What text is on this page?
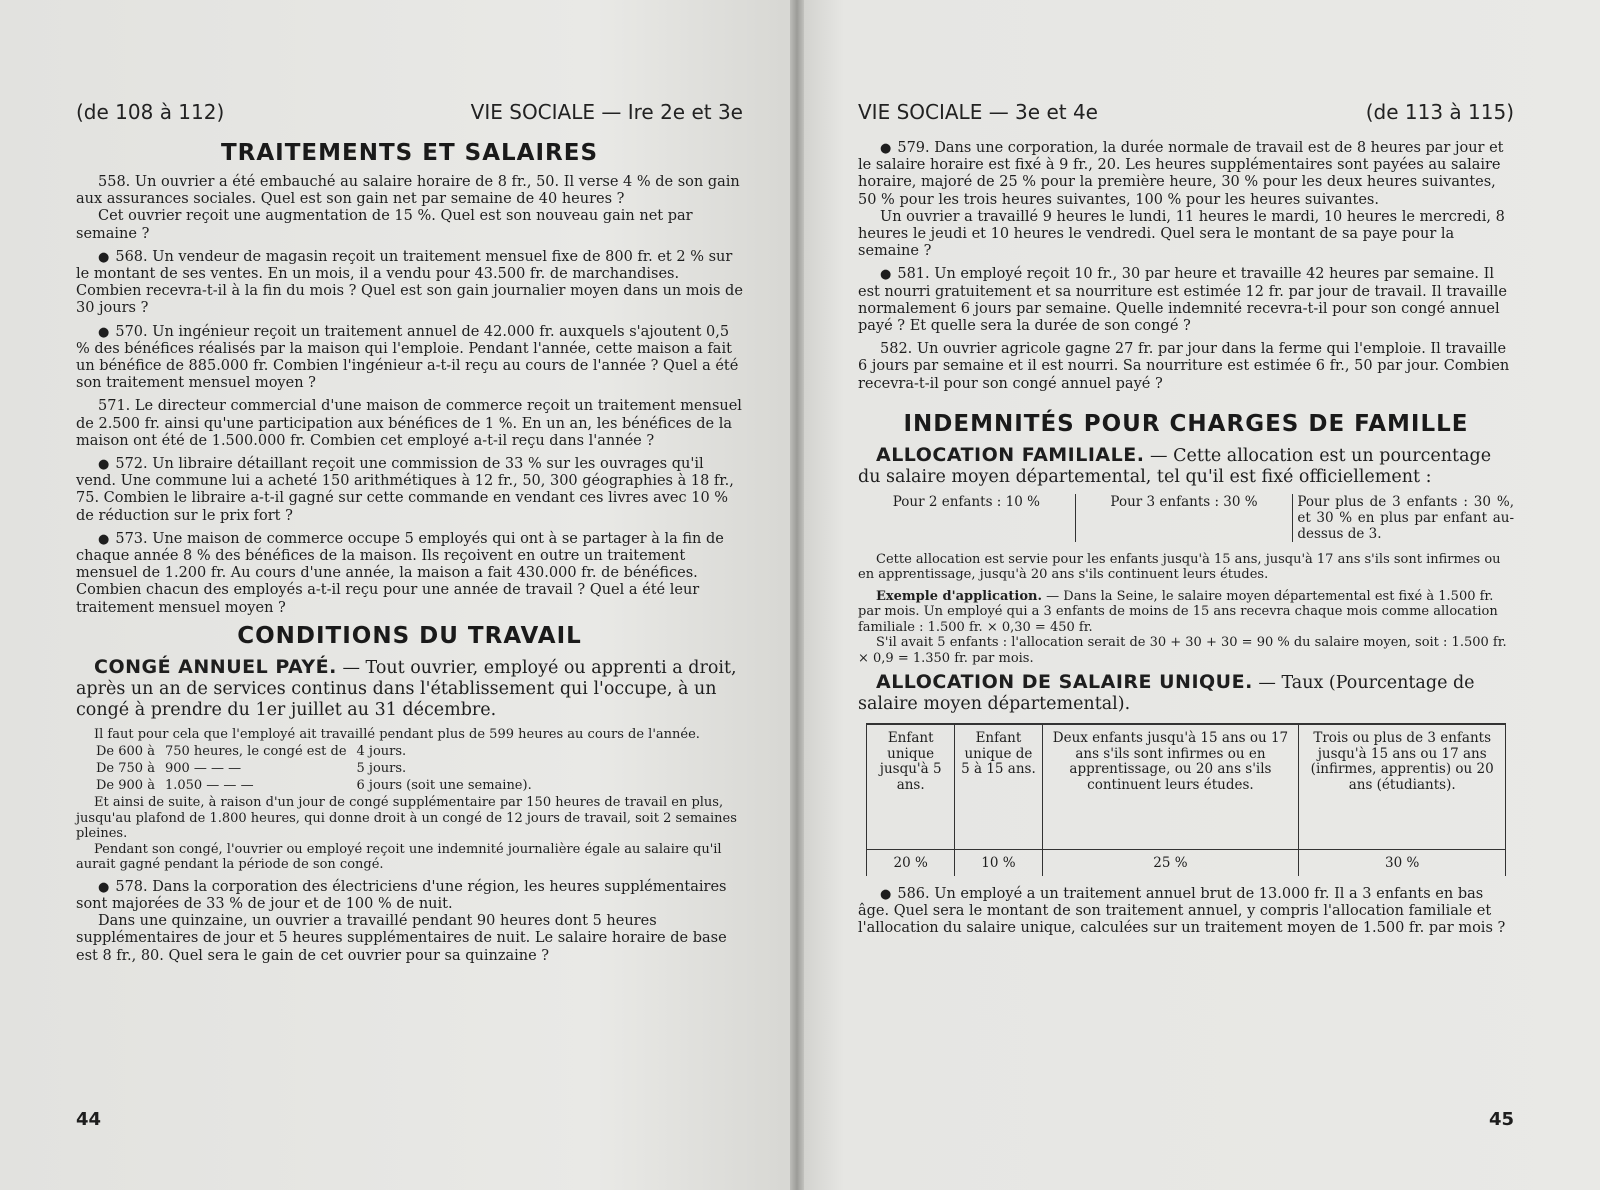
(de 108 à 112)	VIE SOCIALE — Ire 2e et 3e
TRAITEMENTS ET SALAIRES

558. Un ouvrier a été embauché au salaire horaire de 8 fr., 50. Il verse 4 % de son gain aux assurances sociales. Quel est son gain net par semaine de 40 heures ?

Cet ouvrier reçoit une augmentation de 15 %. Quel est son nouveau gain net par semaine ?

● 568. Un vendeur de magasin reçoit un traitement mensuel fixe de 800 fr. et 2 % sur le montant de ses ventes. En un mois, il a vendu pour 43.500 fr. de marchandises. Combien recevra-t-il à la fin du mois ? Quel est son gain journalier moyen dans un mois de 30 jours ?

● 570. Un ingénieur reçoit un traitement annuel de 42.000 fr. auxquels s'ajoutent 0,5 % des bénéfices réalisés par la maison qui l'emploie. Pendant l'année, cette maison a fait un bénéfice de 885.000 fr. Combien l'ingénieur a-t-il reçu au cours de l'année ? Quel a été son traitement mensuel moyen ?

571. Le directeur commercial d'une maison de commerce reçoit un traitement mensuel de 2.500 fr. ainsi qu'une participation aux bénéfices de 1 %. En un an, les bénéfices de la maison ont été de 1.500.000 fr. Combien cet employé a-t-il reçu dans l'année ?

● 572. Un libraire détaillant reçoit une commission de 33 % sur les ouvrages qu'il vend. Une commune lui a acheté 150 arithmétiques à 12 fr., 50, 300 géographies à 18 fr., 75. Combien le libraire a-t-il gagné sur cette commande en vendant ces livres avec 10 % de réduction sur le prix fort ?

● 573. Une maison de commerce occupe 5 employés qui ont à se partager à la fin de chaque année 8 % des bénéfices de la maison. Ils reçoivent en outre un traitement mensuel de 1.200 fr. Au cours d'une année, la maison a fait 430.000 fr. de bénéfices. Combien chacun des employés a-t-il reçu pour une année de travail ? Quel a été leur traitement mensuel moyen ?

CONDITIONS DU TRAVAIL

CONGÉ ANNUEL PAYÉ. — Tout ouvrier, employé ou apprenti a droit, après un an de services continus dans l'établissement qui l'occupe, à un congé à prendre du 1er juillet au 31 décembre.

Il faut pour cela que l'employé ait travaillé pendant plus de 599 heures au cours de l'année.

De 600 à	750 heures, le congé est de	4 jours.
De 750 à	900 — — —	5 jours.
De 900 à	1.050 — — —	6 jours (soit une semaine).

Et ainsi de suite, à raison d'un jour de congé supplémentaire par 150 heures de travail en plus, jusqu'au plafond de 1.800 heures, qui donne droit à un congé de 12 jours de travail, soit 2 semaines pleines.

Pendant son congé, l'ouvrier ou employé reçoit une indemnité journalière égale au salaire qu'il aurait gagné pendant la période de son congé.

● 578. Dans la corporation des électriciens d'une région, les heures supplémentaires sont majorées de 33 % de jour et de 100 % de nuit.

Dans une quinzaine, un ouvrier a travaillé pendant 90 heures dont 5 heures supplémentaires de jour et 5 heures supplémentaires de nuit. Le salaire horaire de base est 8 fr., 80. Quel sera le gain de cet ouvrier pour sa quinzaine ?

44
VIE SOCIALE — 3e et 4e	(de 113 à 115)

● 579. Dans une corporation, la durée normale de travail est de 8 heures par jour et le salaire horaire est fixé à 9 fr., 20. Les heures supplémentaires sont payées au salaire horaire, majoré de 25 % pour la première heure, 30 % pour les deux heures suivantes, 50 % pour les trois heures suivantes, 100 % pour les heures suivantes.

Un ouvrier a travaillé 9 heures le lundi, 11 heures le mardi, 10 heures le mercredi, 8 heures le jeudi et 10 heures le vendredi. Quel sera le montant de sa paye pour la semaine ?

● 581. Un employé reçoit 10 fr., 30 par heure et travaille 42 heures par semaine. Il est nourri gratuitement et sa nourriture est estimée 12 fr. par jour de travail. Il travaille normalement 6 jours par semaine. Quelle indemnité recevra-t-il pour son congé annuel payé ? Et quelle sera la durée de son congé ?

582. Un ouvrier agricole gagne 27 fr. par jour dans la ferme qui l'emploie. Il travaille 6 jours par semaine et il est nourri. Sa nourriture est estimée 6 fr., 50 par jour. Combien recevra-t-il pour son congé annuel payé ?

INDEMNITÉS POUR CHARGES DE FAMILLE

ALLOCATION FAMILIALE. — Cette allocation est un pourcentage du salaire moyen départemental, tel qu'il est fixé officiellement :

Pour 2 enfants : 10 %	Pour 3 enfants : 30 %	Pour plus de 3 enfants : 30 %, et 30 % en plus par enfant au-dessus de 3.

Cette allocation est servie pour les enfants jusqu'à 15 ans, jusqu'à 17 ans s'ils sont infirmes ou en apprentissage, jusqu'à 20 ans s'ils continuent leurs études.

Exemple d'application. — Dans la Seine, le salaire moyen départemental est fixé à 1.500 fr. par mois. Un employé qui a 3 enfants de moins de 15 ans recevra chaque mois comme allocation familiale : 1.500 fr. × 0,30 = 450 fr.

S'il avait 5 enfants : l'allocation serait de 30 + 30 + 30 = 90 % du salaire moyen, soit : 1.500 fr. × 0,9 = 1.350 fr. par mois.

ALLOCATION DE SALAIRE UNIQUE. — Taux (Pourcentage de salaire moyen départemental).

Enfant unique jusqu'à 5 ans.	Enfant unique de 5 à 15 ans.	Deux enfants jusqu'à 15 ans ou 17 ans s'ils sont infirmes ou en apprentissage, ou 20 ans s'ils continuent leurs études.	Trois ou plus de 3 enfants jusqu'à 15 ans ou 17 ans (infirmes, apprentis) ou 20 ans (étudiants).
20 %	10 %	25 %	30 %

● 586. Un employé a un traitement annuel brut de 13.000 fr. Il a 3 enfants en bas âge. Quel sera le montant de son traitement annuel, y compris l'allocation familiale et l'allocation du salaire unique, calculées sur un traitement moyen de 1.500 fr. par mois ?

45
